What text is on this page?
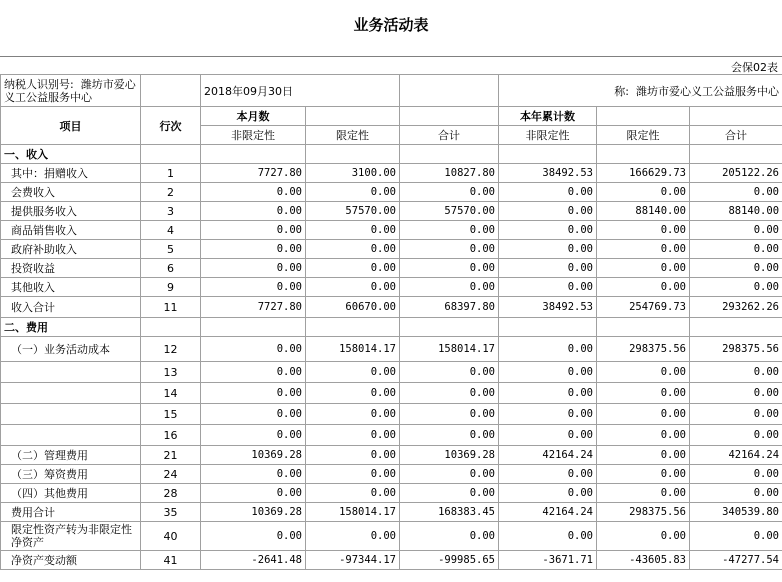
业务活动表
会保02表
纳税人识别号: 潍坊市爱心义工公益服务中心		2018年09月30日			称: 潍坊市爱心义工公益服务中心		
项目	行次	本月数			本年累计数		
		非限定性	限定性	合计	非限定性	限定性	合计
一、收入							
其中：捐赠收入	1	7727.80	3100.00	10827.80	38492.53	166629.73	205122.26
会费收入	2	0.00	0.00	0.00	0.00	0.00	0.00
提供服务收入	3	0.00	57570.00	57570.00	0.00	88140.00	88140.00
商品销售收入	4	0.00	0.00	0.00	0.00	0.00	0.00
政府补助收入	5	0.00	0.00	0.00	0.00	0.00	0.00
投资收益	6	0.00	0.00	0.00	0.00	0.00	0.00
其他收入	9	0.00	0.00	0.00	0.00	0.00	0.00
收入合计	11	7727.80	60670.00	68397.80	38492.53	254769.73	293262.26
二、费用							
（一）业务活动成本	12	0.00	158014.17	158014.17	0.00	298375.56	298375.56
	13	0.00	0.00	0.00	0.00	0.00	0.00
	14	0.00	0.00	0.00	0.00	0.00	0.00
	15	0.00	0.00	0.00	0.00	0.00	0.00
	16	0.00	0.00	0.00	0.00	0.00	0.00
（二）管理费用	21	10369.28	0.00	10369.28	42164.24	0.00	42164.24
（三）筹资费用	24	0.00	0.00	0.00	0.00	0.00	0.00
（四）其他费用	28	0.00	0.00	0.00	0.00	0.00	0.00
费用合计	35	10369.28	158014.17	168383.45	42164.24	298375.56	340539.80
限定性资产转为非限定性净资产	40	0.00	0.00	0.00	0.00	0.00	0.00
净资产变动额	41	-2641.48	-97344.17	-99985.65	-3671.71	-43605.83	-47277.54
